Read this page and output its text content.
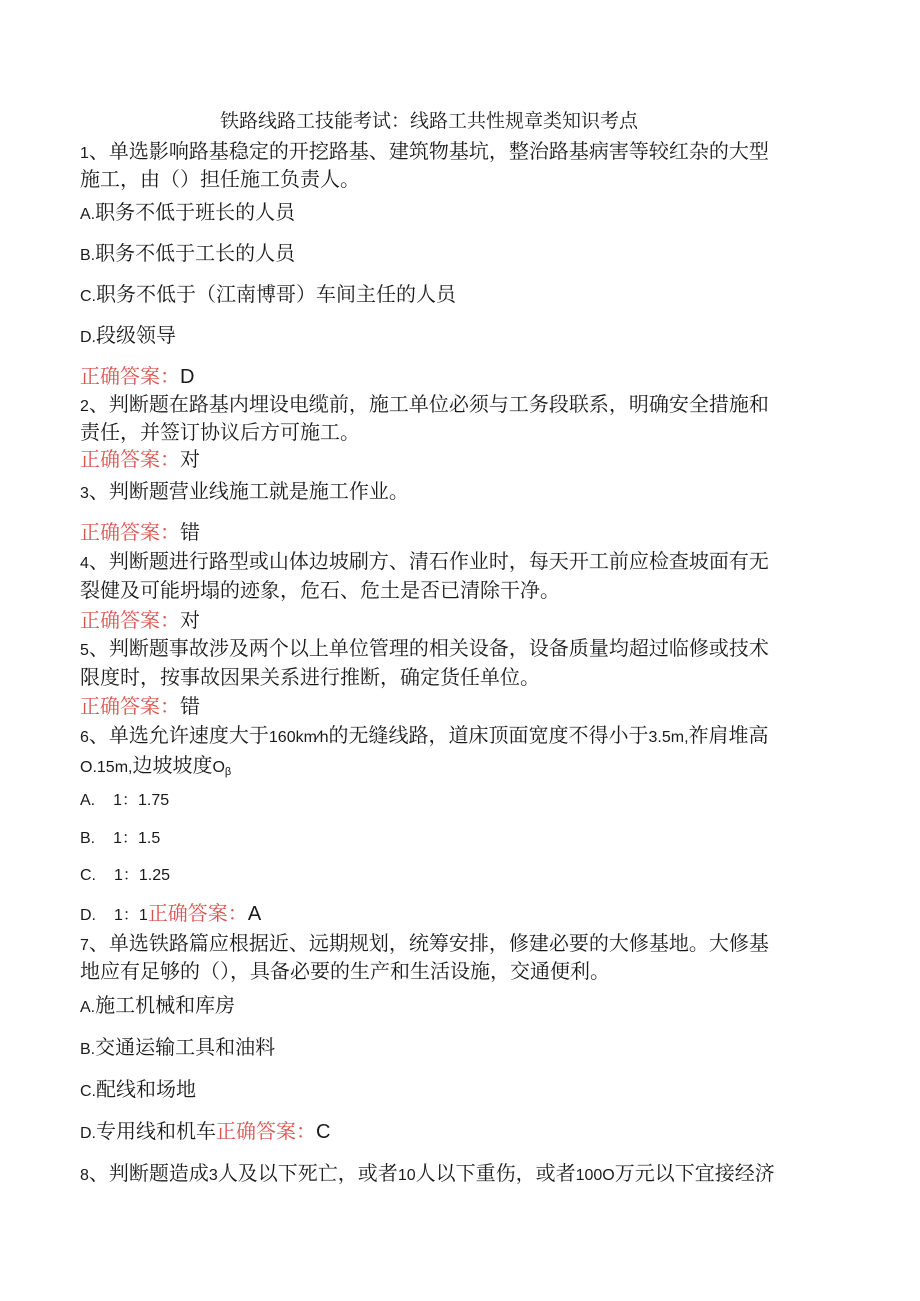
铁路线路工技能考试：线路工共性规章类知识考点
1、单选影响路基稳定的开挖路基、建筑物基坑，整治路基病害等较红杂的大型
施工，由（）担任施工负责人。
A.职务不低于班长的人员
B.职务不低于工长的人员
C.职务不低于（江南博哥）车间主任的人员
D.段级领导
正确答案：D
2、判断题在路基内埋设电缆前，施工单位必须与工务段联系，明确安全措施和
责任，并签订协议后方可施工。
正确答案：对
3、判断题营业线施工就是施工作业。
正确答案：错
4、判断题进行路型或山体边坡刷方、清石作业时，每天开工前应检查坡面有无
裂健及可能坍塌的迹象，危石、危土是否已清除干净。
正确答案：对
5、判断题事故涉及两个以上单位管理的相关设备，设备质量均超过临修或技术
限度时，按事故因果关系进行推断，确定货任单位。
正确答案：错
6、单选允许速度大于160km∕h的无缝线路，道床顶面宽度不得小于3.5m,祚肩堆高
O.15m,边坡坡度$O_\beta$
A. 1：1.75
B. 1：1.5
C. 1：1.25
D. 1：1正确答案：A
7、单选铁路篇应根据近、远期规划，统筹安排，修建必要的大修基地。大修基
地应有足够的（），具备必要的生产和生活设施，交通便利。
A.施工机械和库房
B.交通运输工具和油料
C.配线和场地
D.专用线和机车正确答案：C
8、判断题造成3人及以下死亡，或者10人以下重伤，或者100O万元以下宜接经济
